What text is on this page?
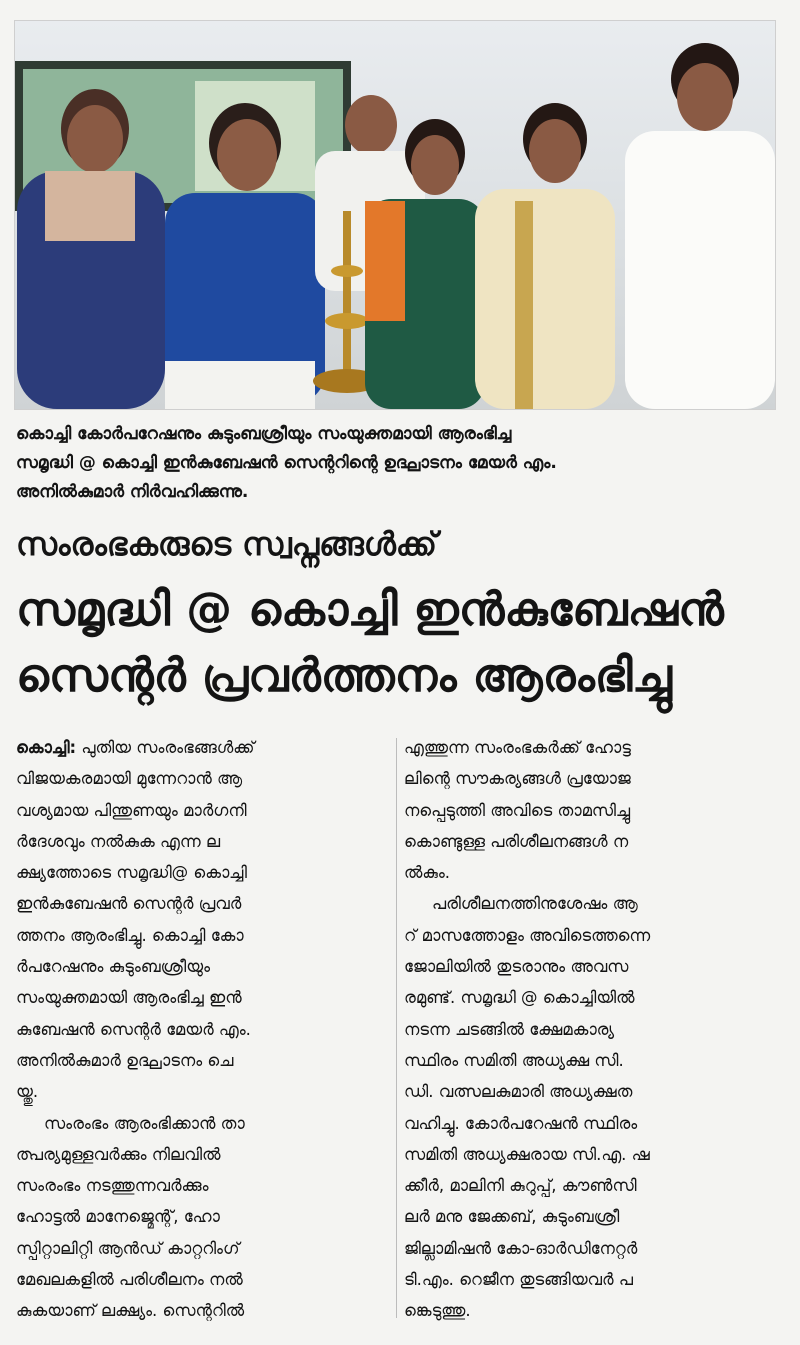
കൊച്ചി കോർപറേഷനും കുടുംബശ്രീയും സംയുക്തമായി ആരംഭിച്ച
സമൃദ്ധി @ കൊച്ചി ഇൻകുബേഷൻ സെന്ററിന്റെ ഉദ്ഘാടനം മേയർ എം.
അനിൽകുമാർ നിർവഹിക്കുന്നു.
സംരംഭകരുടെ സ്വപ്നങ്ങൾക്ക്
സമൃദ്ധി @ കൊച്ചി ഇൻകുബേഷൻ
സെന്റർ പ്രവർത്തനം ആരംഭിച്ചു
കൊച്ചി: പുതിയ സംരംഭങ്ങൾക്ക്
വിജയകരമായി മുന്നേറാൻ ആ
വശ്യമായ പിന്തുണയും മാർഗനി
ർദേശവും നൽകുക എന്ന ല
ക്ഷ്യത്തോടെ സമൃദ്ധി@ കൊച്ചി
ഇൻകുബേഷൻ സെന്റർ പ്രവർ
ത്തനം ആരംഭിച്ചു. കൊച്ചി കോ
ർപറേഷനും കുടുംബശ്രീയും
സംയുക്തമായി ആരംഭിച്ച ഇൻ
കുബേഷൻ സെന്റർ മേയർ എം.
അനിൽകുമാർ ഉദ്ഘാടനം ചെ
യ്തു.
സംരംഭം ആരംഭിക്കാൻ താ
ത്പര്യമുള്ളവർക്കും നിലവിൽ
സംരംഭം നടത്തുന്നവർക്കും
ഹോട്ടൽ മാനേജ്മെന്റ്, ഹോ
സ്പിറ്റാലിറ്റി ആൻഡ് കാറ്ററിംഗ്
മേഖലകളിൽ പരിശീലനം നൽ
കുകയാണ് ലക്ഷ്യം. സെന്ററിൽ
എത്തുന്ന സംരംഭകർക്ക് ഹോട്ട
ലിന്റെ സൗകര്യങ്ങൾ പ്രയോജ
നപ്പെടുത്തി അവിടെ താമസിച്ചു
കൊണ്ടുള്ള പരിശീലനങ്ങൾ ന
ൽകും.
പരിശീലനത്തിനുശേഷം ആ
റ് മാസത്തോളം അവിടെത്തന്നെ
ജോലിയിൽ തുടരാനും അവസ
രമുണ്ട്. സമൃദ്ധി @ കൊച്ചിയിൽ
നടന്ന ചടങ്ങിൽ ക്ഷേമകാര്യ
സ്ഥിരം സമിതി അധ്യക്ഷ സി.
ഡി. വത്സലകുമാരി അധ്യക്ഷത
വഹിച്ചു. കോർപറേഷൻ സ്ഥിരം
സമിതി അധ്യക്ഷരായ സി.എ. ഷ
ക്കീർ, മാലിനി കുറുപ്പ്, കൗൺസി
ലർ മനു ജേക്കബ്, കുടുംബശ്രീ
ജില്ലാമിഷൻ കോ-ഓർഡിനേറ്റർ
ടി.എം. റെജീന തുടങ്ങിയവർ പ
ങ്കെടുത്തു.
